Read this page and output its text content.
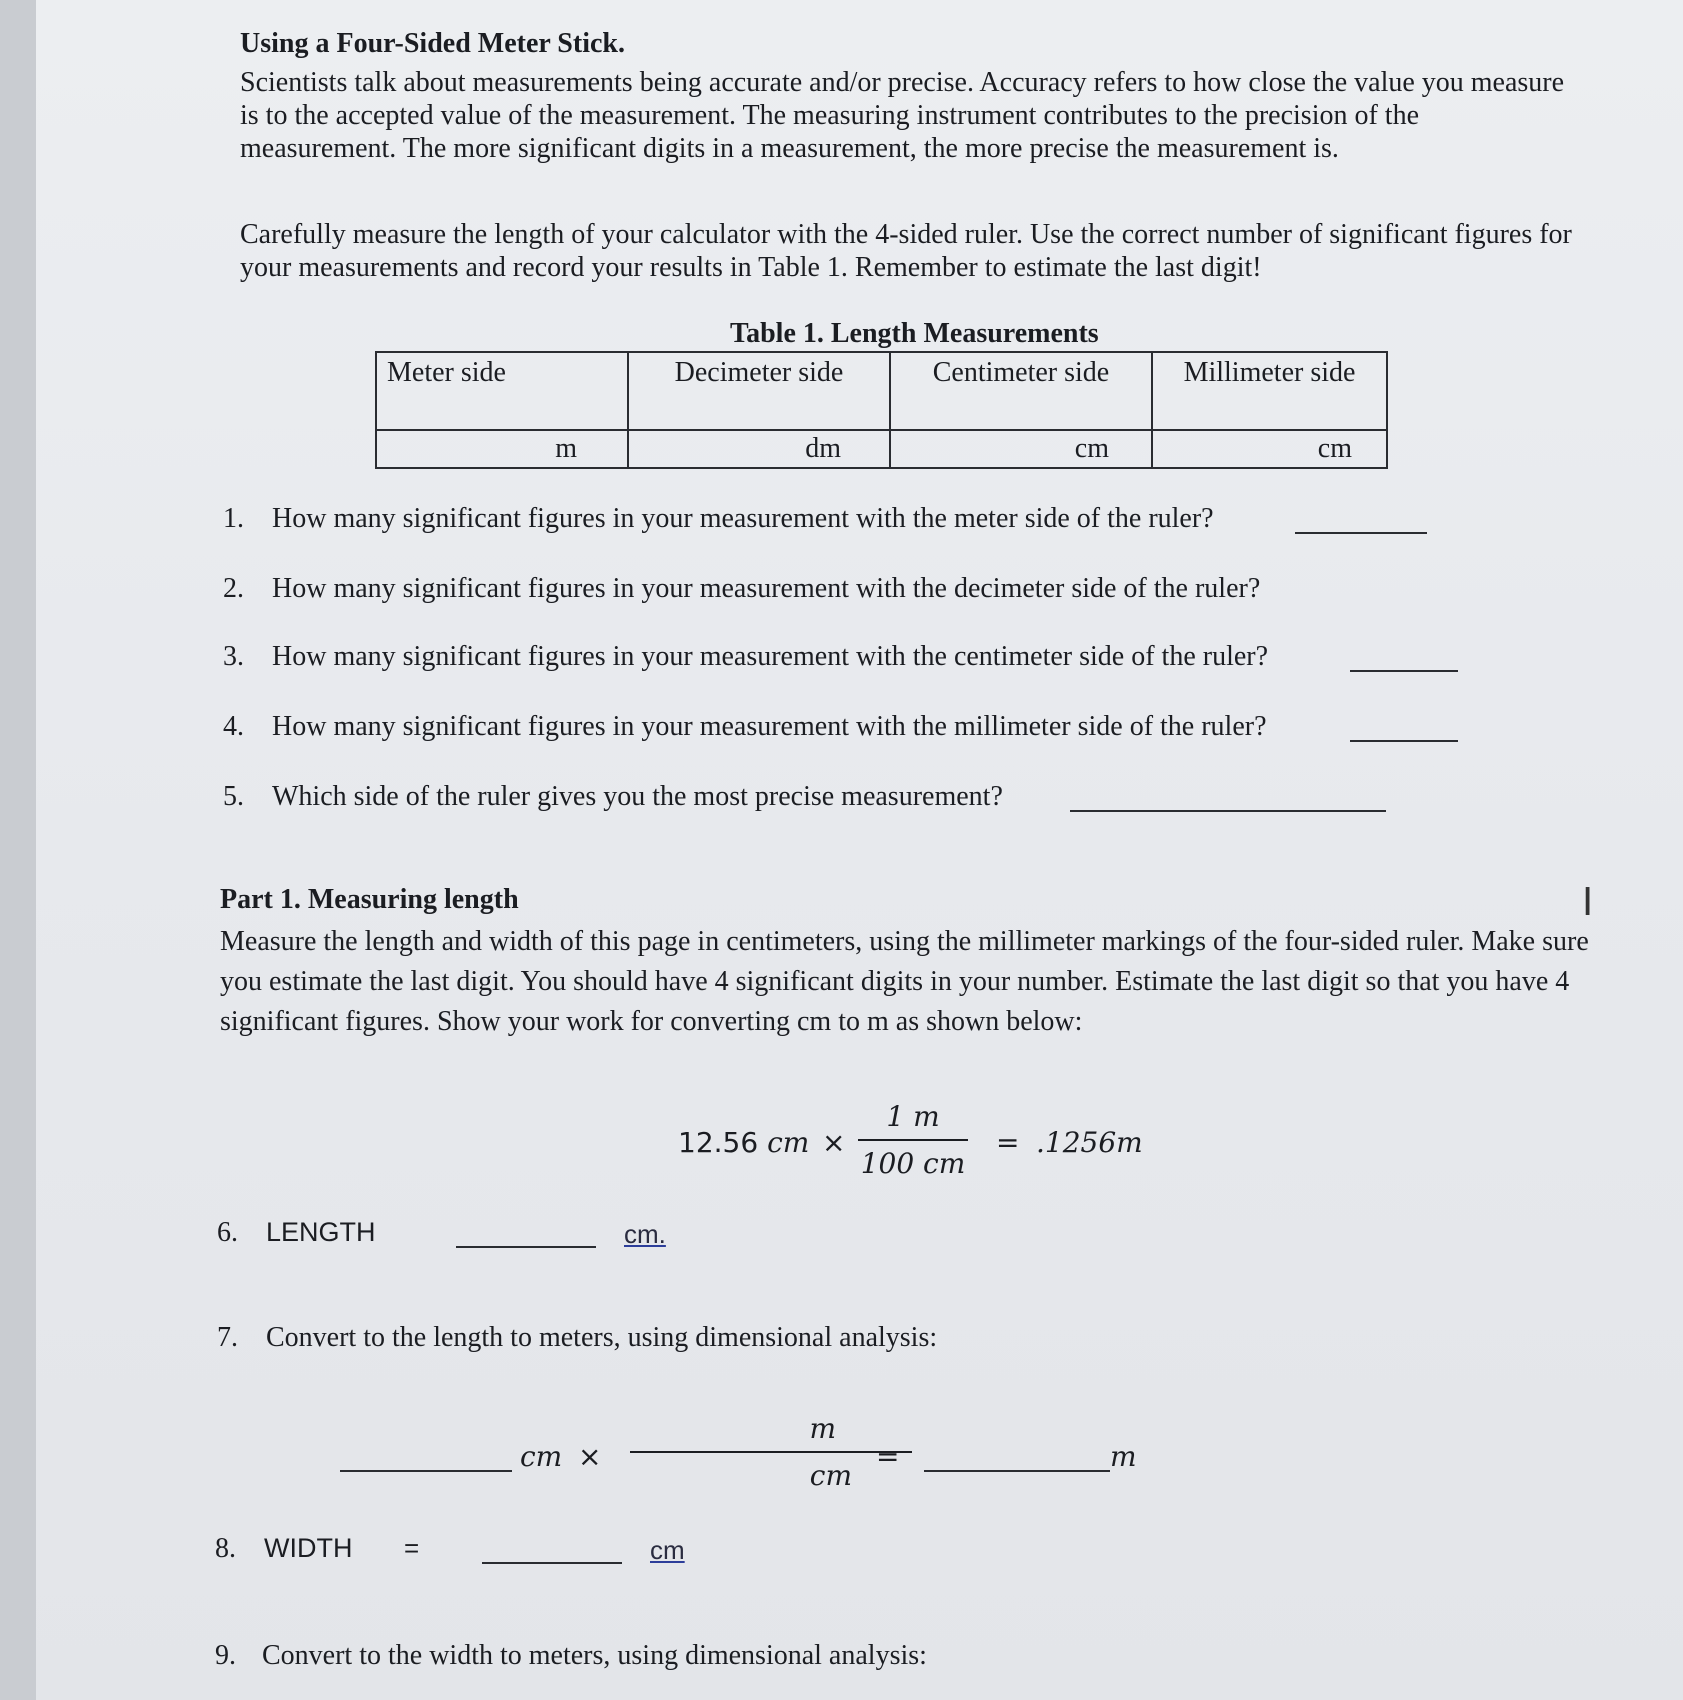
Using a Four-Sided Meter Stick.
Scientists talk about measurements being accurate and/or precise. Accuracy refers to how close the value you measure is to the accepted value of the measurement. The measuring instrument contributes to the precision of the measurement. The more significant digits in a measurement, the more precise the measurement is.
Carefully measure the length of your calculator with the 4-sided ruler. Use the correct number of significant figures for your measurements and record your results in Table 1. Remember to estimate the last digit!
Table 1. Length Measurements
Meter side	Decimeter side	Centimeter side	Millimeter side
m	dm	cm	cm
1. How many significant figures in your measurement with the meter side of the ruler?
2. How many significant figures in your measurement with the decimeter side of the ruler?
3. How many significant figures in your measurement with the centimeter side of the ruler?
4. How many significant figures in your measurement with the millimeter side of the ruler?
5. Which side of the ruler gives you the most precise measurement?
Part 1. Measuring length
Measure the length and width of this page in centimeters, using the millimeter markings of the four-sided ruler. Make sure you estimate the last digit. You should have 4 significant digits in your number. Estimate the last digit so that you have 4 significant figures. Show your work for converting cm to m as shown below:
12.56 cm ×
1 m
100 cm
= .1256m
6. LENGTH	cm.
7. Convert to the length to meters, using dimensional analysis:
cm ×
m
cm
=	m
8. WIDTH =	cm
9. Convert to the width to meters, using dimensional analysis:
I
